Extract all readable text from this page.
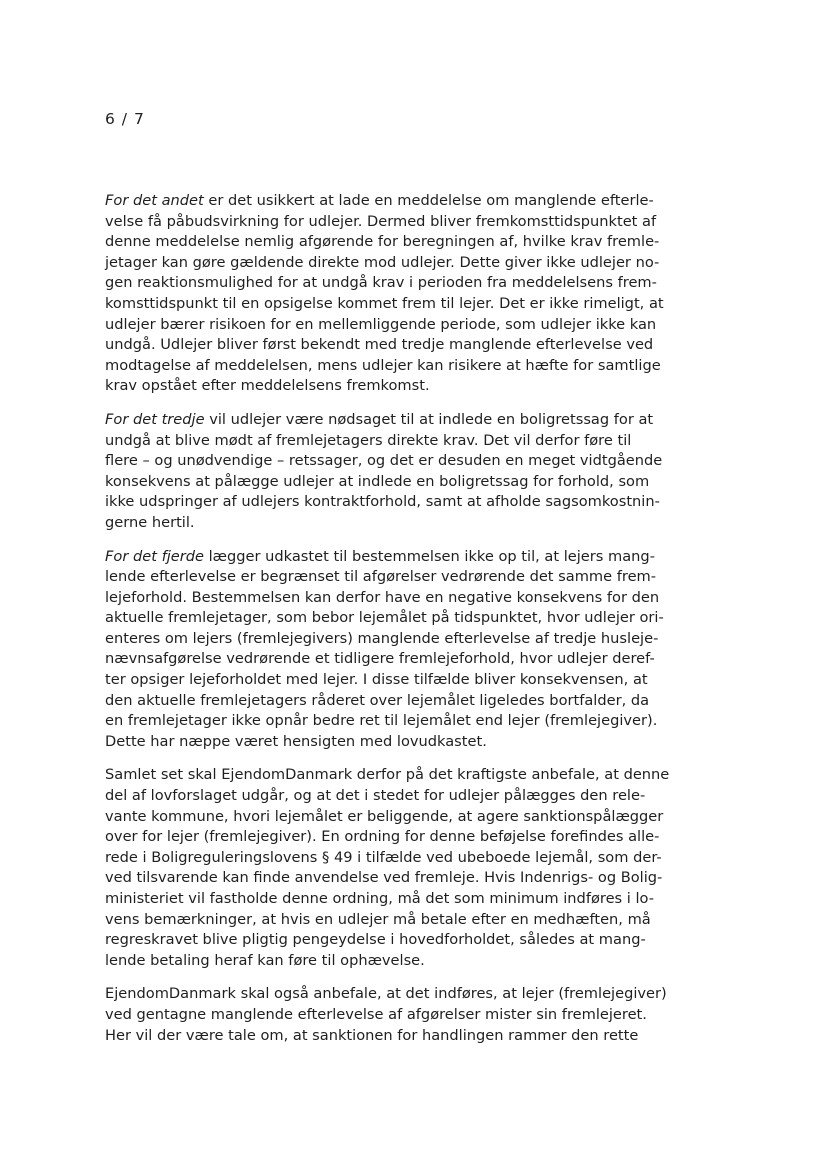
6 / 7

For det andet er det usikkert at lade en meddelelse om manglende efterle-
velse få påbudsvirkning for udlejer. Dermed bliver fremkomsttidspunktet af
denne meddelelse nemlig afgørende for beregningen af, hvilke krav fremle-
jetager kan gøre gældende direkte mod udlejer. Dette giver ikke udlejer no-
gen reaktionsmulighed for at undgå krav i perioden fra meddelelsens frem-
komsttidspunkt til en opsigelse kommet frem til lejer. Det er ikke rimeligt, at
udlejer bærer risikoen for en mellemliggende periode, som udlejer ikke kan
undgå. Udlejer bliver først bekendt med tredje manglende efterlevelse ved
modtagelse af meddelelsen, mens udlejer kan risikere at hæfte for samtlige
krav opstået efter meddelelsens fremkomst.

For det tredje vil udlejer være nødsaget til at indlede en boligretssag for at
undgå at blive mødt af fremlejetagers direkte krav. Det vil derfor føre til
flere – og unødvendige – retssager, og det er desuden en meget vidtgående
konsekvens at pålægge udlejer at indlede en boligretssag for forhold, som
ikke udspringer af udlejers kontraktforhold, samt at afholde sagsomkostnin-
gerne hertil.

For det fjerde lægger udkastet til bestemmelsen ikke op til, at lejers mang-
lende efterlevelse er begrænset til afgørelser vedrørende det samme frem-
lejeforhold. Bestemmelsen kan derfor have en negative konsekvens for den
aktuelle fremlejetager, som bebor lejemålet på tidspunktet, hvor udlejer ori-
enteres om lejers (fremlejegivers) manglende efterlevelse af tredje husleje-
nævnsafgørelse vedrørende et tidligere fremlejeforhold, hvor udlejer deref-
ter opsiger lejeforholdet med lejer. I disse tilfælde bliver konsekvensen, at
den aktuelle fremlejetagers råderet over lejemålet ligeledes bortfalder, da
en fremlejetager ikke opnår bedre ret til lejemålet end lejer (fremlejegiver).
Dette har næppe været hensigten med lovudkastet.

Samlet set skal EjendomDanmark derfor på det kraftigste anbefale, at denne
del af lovforslaget udgår, og at det i stedet for udlejer pålægges den rele-
vante kommune, hvori lejemålet er beliggende, at agere sanktionspålægger
over for lejer (fremlejegiver). En ordning for denne beføjelse forefindes alle-
rede i Boligreguleringslovens § 49 i tilfælde ved ubeboede lejemål, som der-
ved tilsvarende kan finde anvendelse ved fremleje. Hvis Indenrigs- og Bolig-
ministeriet vil fastholde denne ordning, må det som minimum indføres i lo-
vens bemærkninger, at hvis en udlejer må betale efter en medhæften, må
regreskravet blive pligtig pengeydelse i hovedforholdet, således at mang-
lende betaling heraf kan føre til ophævelse.

EjendomDanmark skal også anbefale, at det indføres, at lejer (fremlejegiver)
ved gentagne manglende efterlevelse af afgørelser mister sin fremlejeret.
Her vil der være tale om, at sanktionen for handlingen rammer den rette
